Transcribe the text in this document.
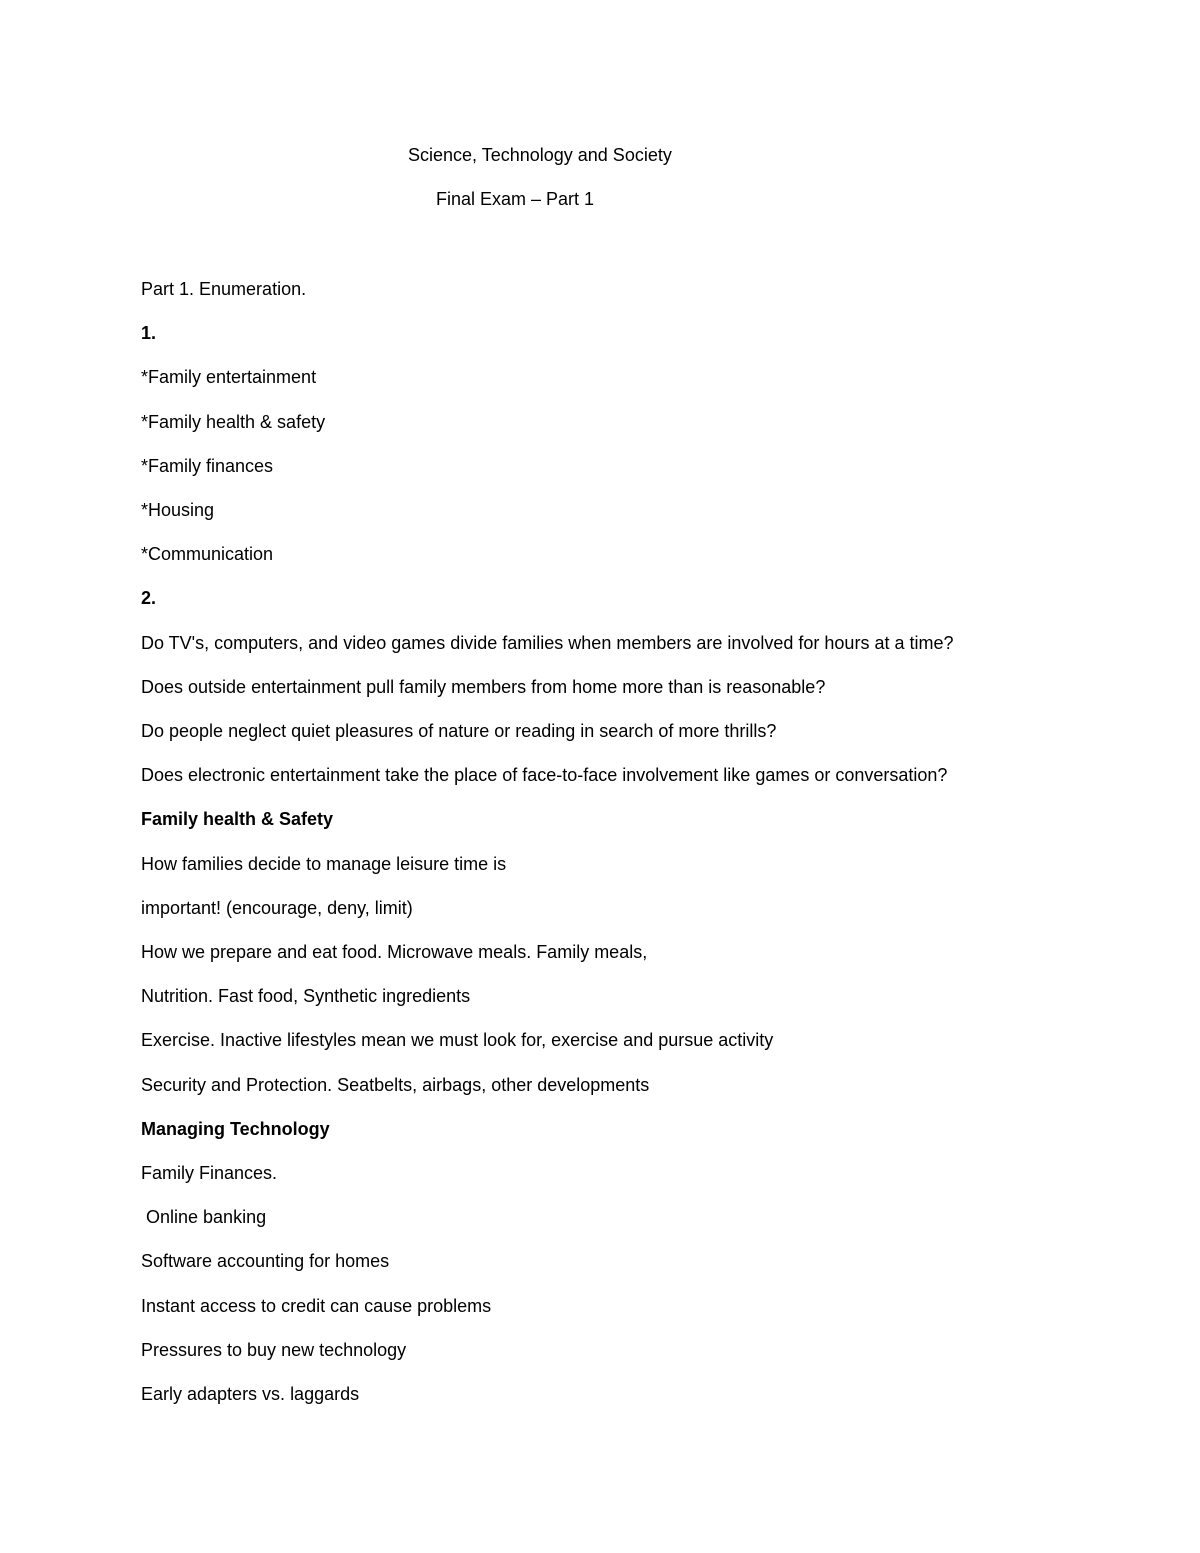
Science, Technology and Society
Final Exam – Part 1
Part 1. Enumeration.
1.
*Family entertainment
*Family health & safety
*Family finances
*Housing
*Communication
2.
Do TV's, computers, and video games divide families when members are involved for hours at a time?
Does outside entertainment pull family members from home more than is reasonable?
Do people neglect quiet pleasures of nature or reading in search of more thrills?
Does electronic entertainment take the place of face-to-face involvement like games or conversation?
Family health & Safety
How families decide to manage leisure time is
important! (encourage, deny, limit)
How we prepare and eat food. Microwave meals. Family meals,
Nutrition. Fast food, Synthetic ingredients
Exercise. Inactive lifestyles mean we must look for, exercise and pursue activity
Security and Protection. Seatbelts, airbags, other developments
Managing Technology
Family Finances.
Online banking
Software accounting for homes
Instant access to credit can cause problems
Pressures to buy new technology
Early adapters vs. laggards
